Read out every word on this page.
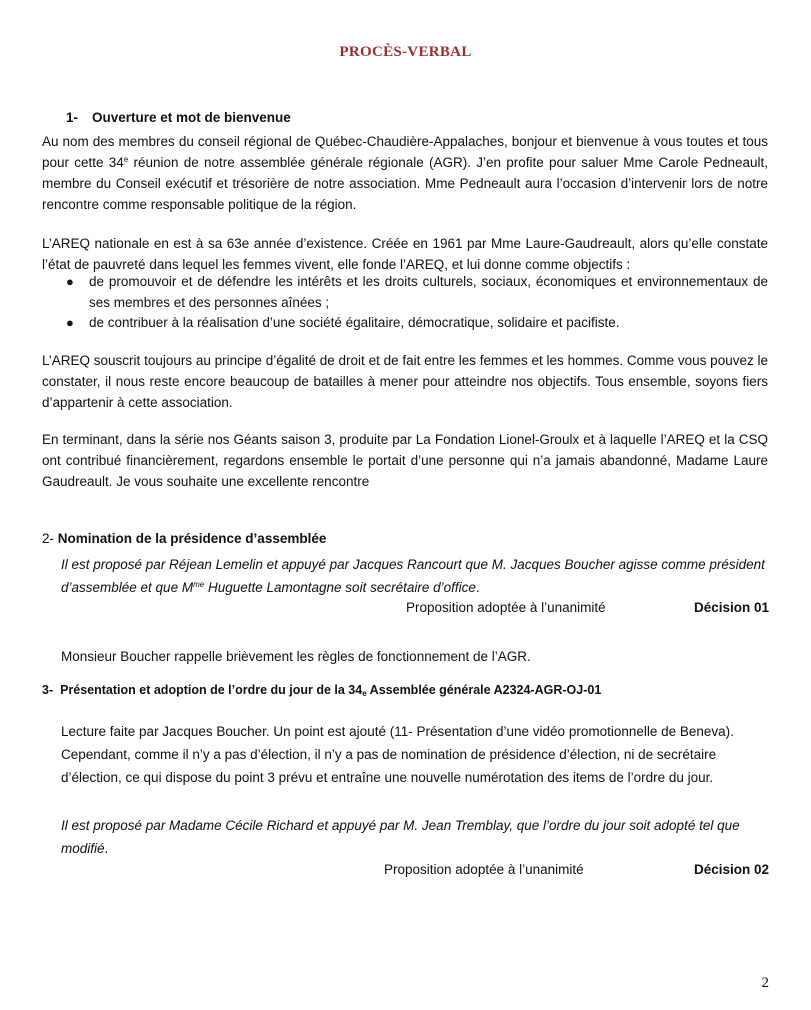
PROCÈS-VERBAL
1- Ouverture et mot de bienvenue
Au nom des membres du conseil régional de Québec-Chaudière-Appalaches, bonjour et bienvenue à vous toutes et tous pour cette 34e réunion de notre assemblée générale régionale (AGR). J’en profite pour saluer Mme Carole Pedneault, membre du Conseil exécutif et trésorière de notre association. Mme Pedneault aura l’occasion d’intervenir lors de notre rencontre comme responsable politique de la région.
L’AREQ nationale en est à sa 63e année d’existence. Créée en 1961 par Mme Laure-Gaudreault, alors qu’elle constate l’état de pauvreté dans lequel les femmes vivent, elle fonde l’AREQ, et lui donne comme objectifs :
●	de promouvoir et de défendre les intérêts et les droits culturels, sociaux, économiques et environnementaux de ses membres et des personnes aînées ;
●	de contribuer à la réalisation d’une société égalitaire, démocratique, solidaire et pacifiste.
L’AREQ souscrit toujours au principe d’égalité de droit et de fait entre les femmes et les hommes. Comme vous pouvez le constater, il nous reste encore beaucoup de batailles à mener pour atteindre nos objectifs. Tous ensemble, soyons fiers d’appartenir à cette association.
En terminant, dans la série nos Géants saison 3, produite par La Fondation Lionel-Groulx et à laquelle l’AREQ et la CSQ ont contribué financièrement, regardons ensemble le portait d’une personne qui n’a jamais abandonné, Madame Laure Gaudreault. Je vous souhaite une excellente rencontre
2- Nomination de la présidence d’assemblée
Il est proposé par Réjean Lemelin et appuyé par Jacques Rancourt que M. Jacques Boucher agisse comme président d’assemblée et que $M^{me}$ Huguette Lamontagne soit secrétaire d’office.
Proposition adoptée à l’unanimité	Décision 01
Monsieur Boucher rappelle brièvement les règles de fonctionnement de l’AGR.
3- Présentation et adoption de l’ordre du jour de la $34_e$ Assemblée générale A2324-AGR-OJ-01
Lecture faite par Jacques Boucher. Un point est ajouté (11- Présentation d’une vidéo promotionnelle de Beneva). Cependant, comme il n’y a pas d’élection, il n’y a pas de nomination de présidence d’élection, ni de secrétaire d’élection, ce qui dispose du point 3 prévu et entraîne une nouvelle numérotation des items de l’ordre du jour.
Il est proposé par Madame Cécile Richard et appuyé par M. Jean Tremblay, que l’ordre du jour soit adopté tel que modifié.
Proposition adoptée à l’unanimité	Décision 02
2
